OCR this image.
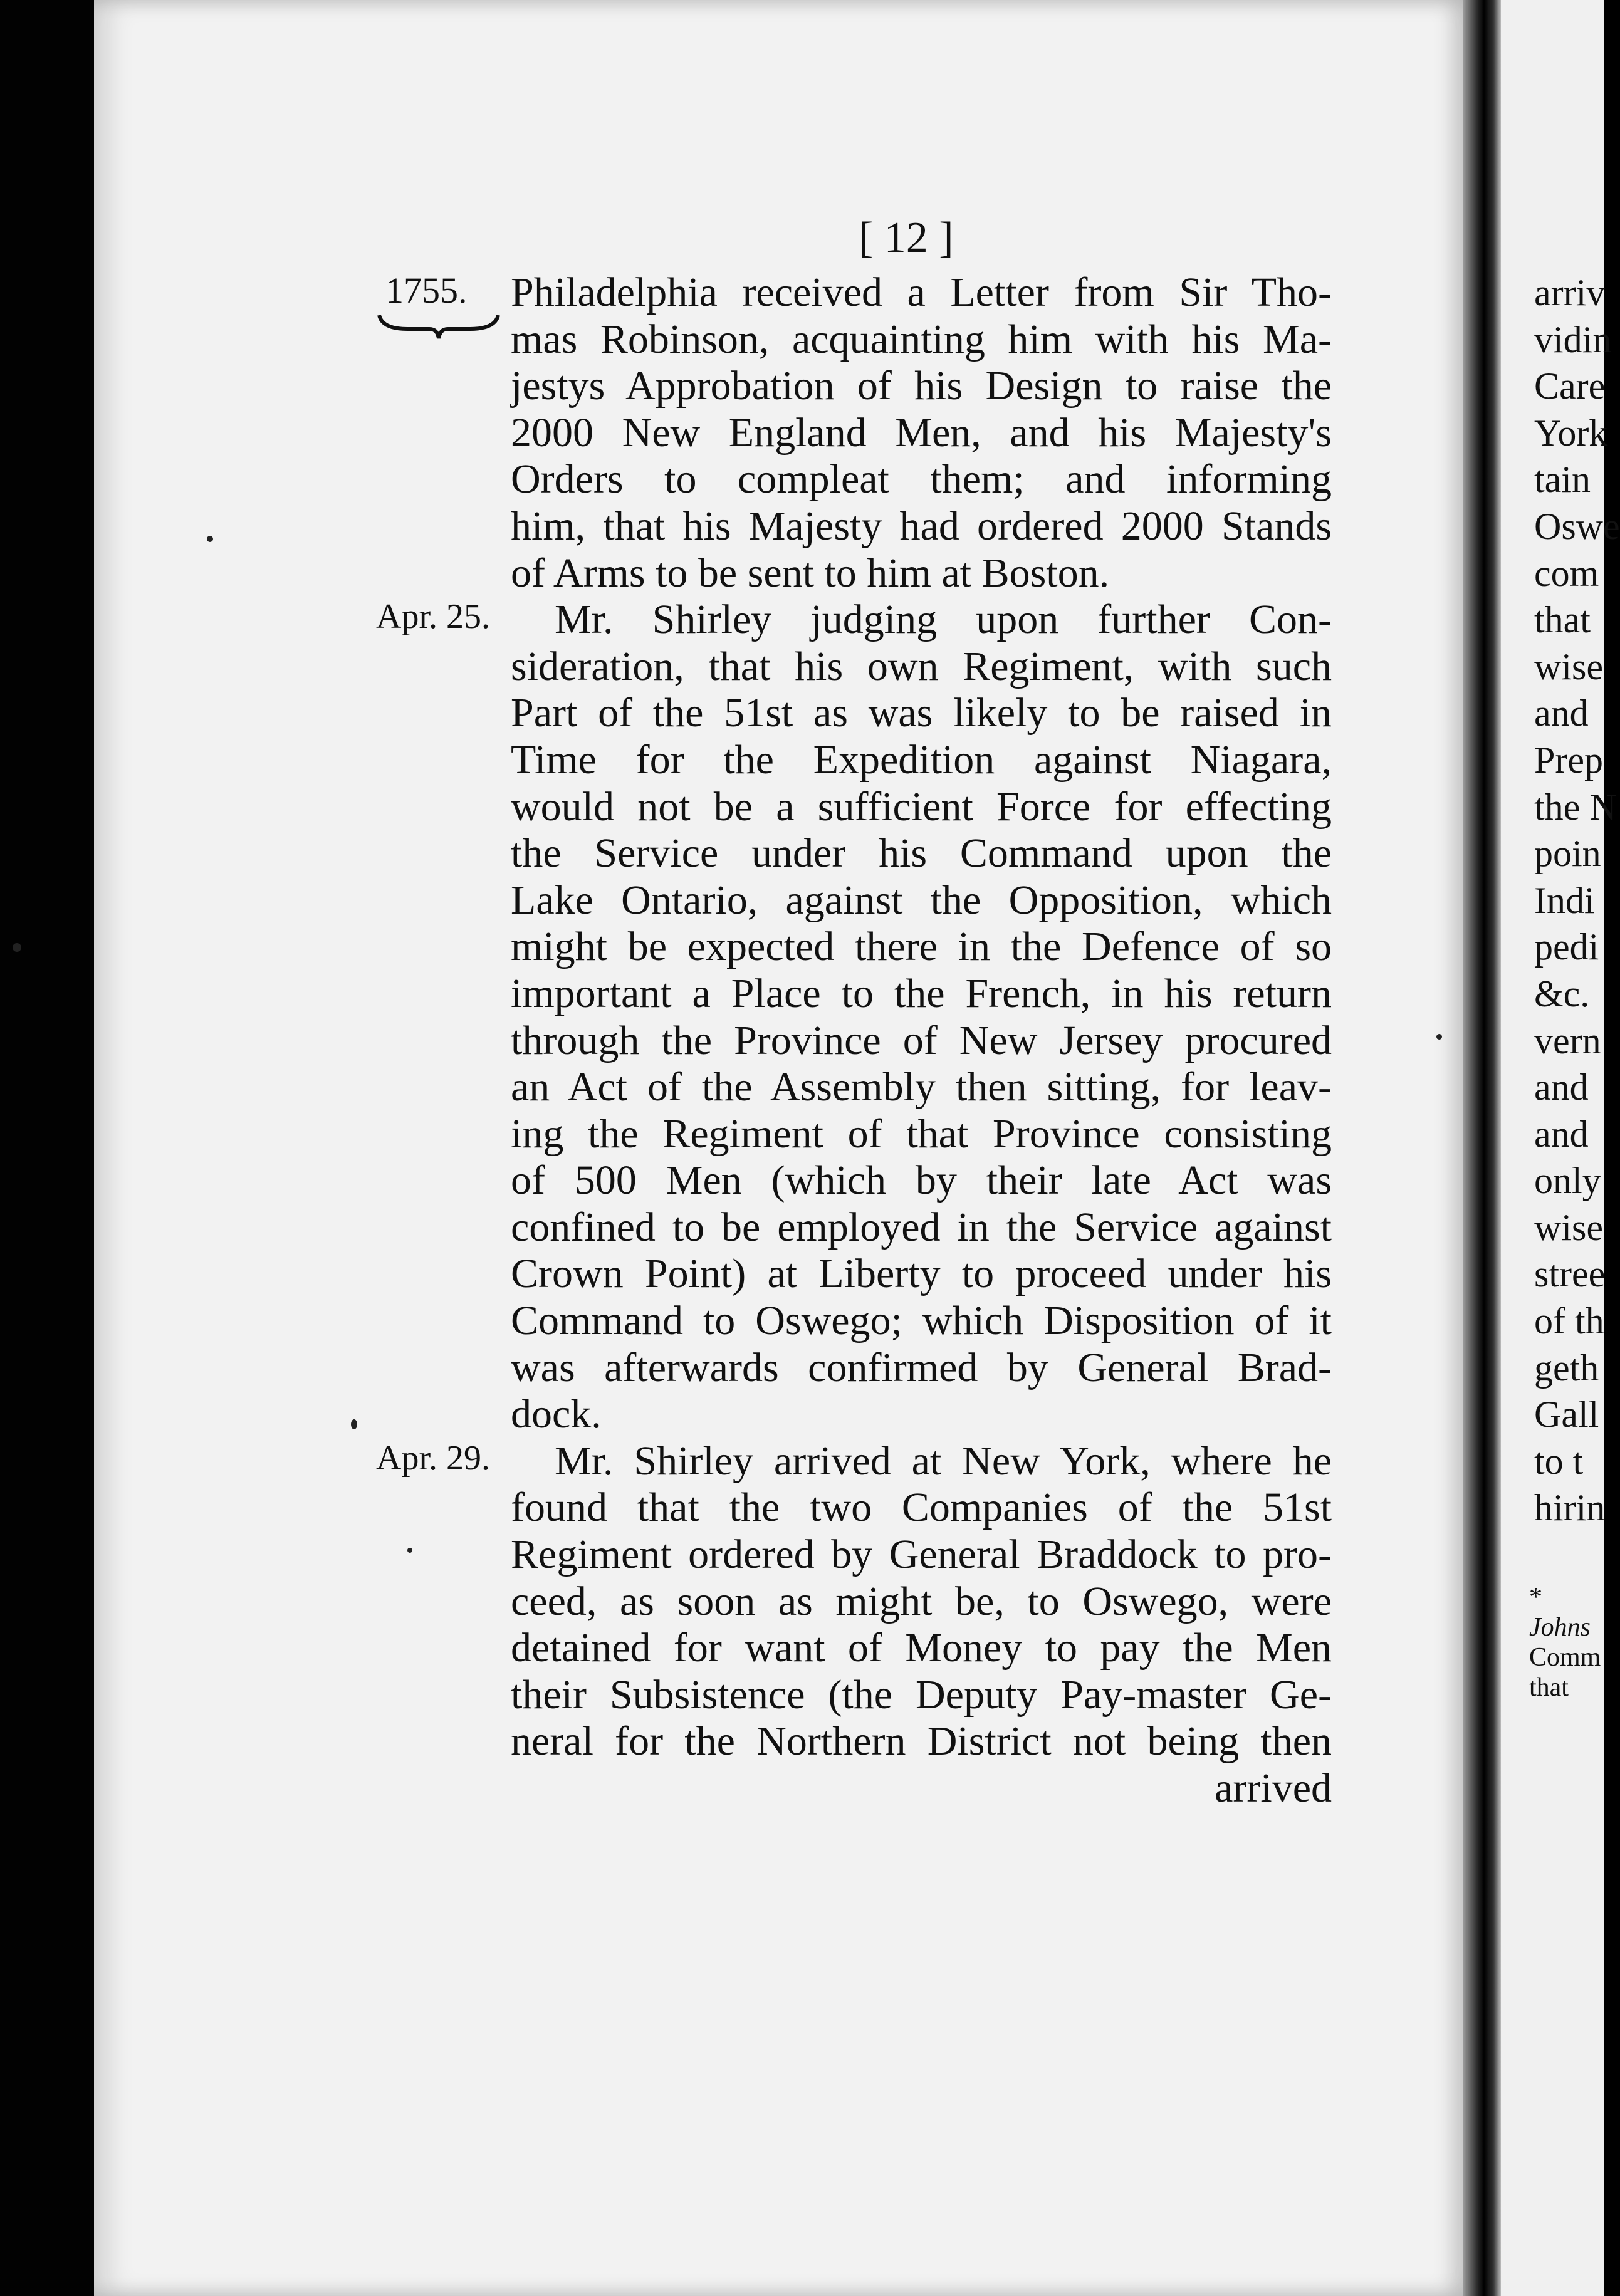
[ 12 ]
1755.
Apr. 25.
Apr. 29.
Philadelphia received a Letter from Sir Tho-
mas Robinson, acquainting him with his Ma-
jestys Approbation of his Design to raise the
2000 New England Men, and his Majesty's
Orders to compleat them; and informing
him, that his Majesty had ordered 2000 Stands
of Arms to be sent to him at Boston.
Mr. Shirley judging upon further Con-
sideration, that his own Regiment, with such
Part of the 51st as was likely to be raised in
Time for the Expedition against Niagara,
would not be a sufficient Force for effecting
the Service under his Command upon the
Lake Ontario, against the Opposition, which
might be expected there in the Defence of so
important a Place to the French, in his return
through the Province of New Jersey procured
an Act of the Assembly then sitting, for leav-
ing the Regiment of that Province consisting
of 500 Men (which by their late Act was
confined to be employed in the Service against
Crown Point) at Liberty to proceed under his
Command to Oswego; which Disposition of it
was afterwards confirmed by General Brad-
dock.
Mr. Shirley arrived at New York, where he
found that the two Companies of the 51st
Regiment ordered by General Braddock to pro-
ceed, as soon as might be, to Oswego, were
detained for want of Money to pay the Men
their Subsistence (the Deputy Pay-master Ge-
neral for the Northern District not being then
arrived
arriv
vidin
Care
York
tain
Oswe
com
that
wise
and
Prep
the N
poin
Indi
pedi
&c.
vern
and
and
only
wise
stree
of th
geth
Gall
to t
hirin
*
Johns
Comm
that
